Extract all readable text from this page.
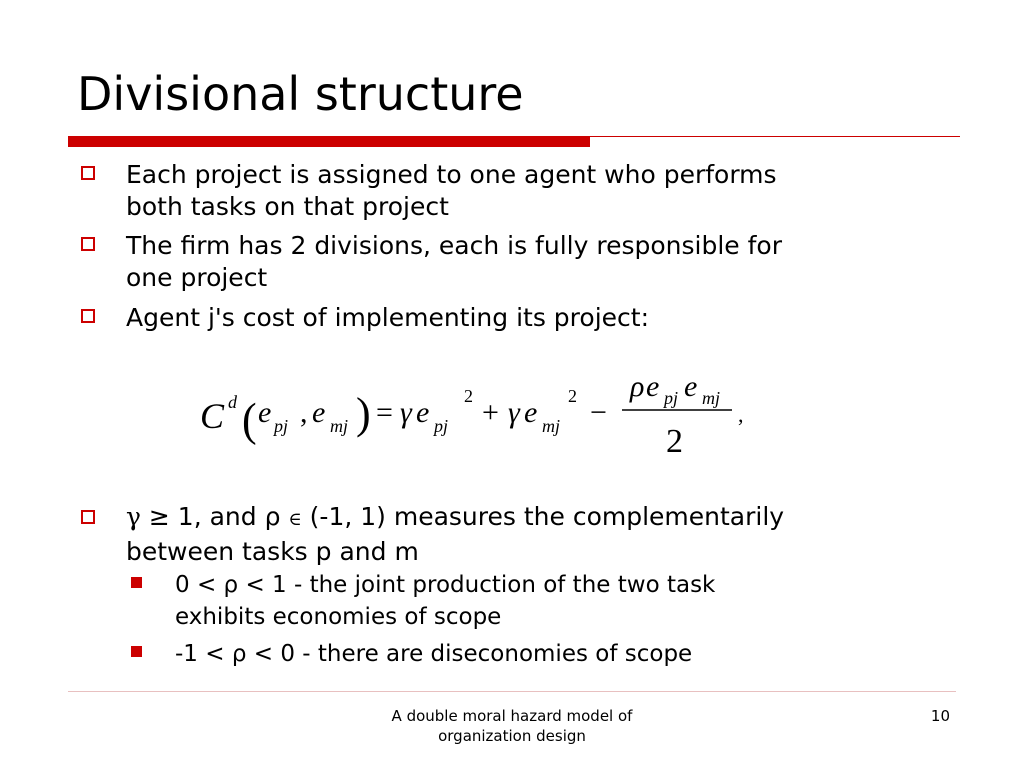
Divisional structure
Each project is assigned to one agent who performs
both tasks on that project
The firm has 2 divisions, each is fully responsible for
one project
Agent j's cost of implementing its project:
C d ( e pj , e mj ) = γ e pj
2 + γ e mj
2 −
ρ e pj e mj
2
,
γ ≥ 1, and ρ ∈ (-1, 1) measures the complementarily
between tasks p and m
0 < ρ < 1 - the joint production of the two task
exhibits economies of scope
-1 < ρ < 0 - there are diseconomies of scope
A double moral hazard model of
organization design
10
